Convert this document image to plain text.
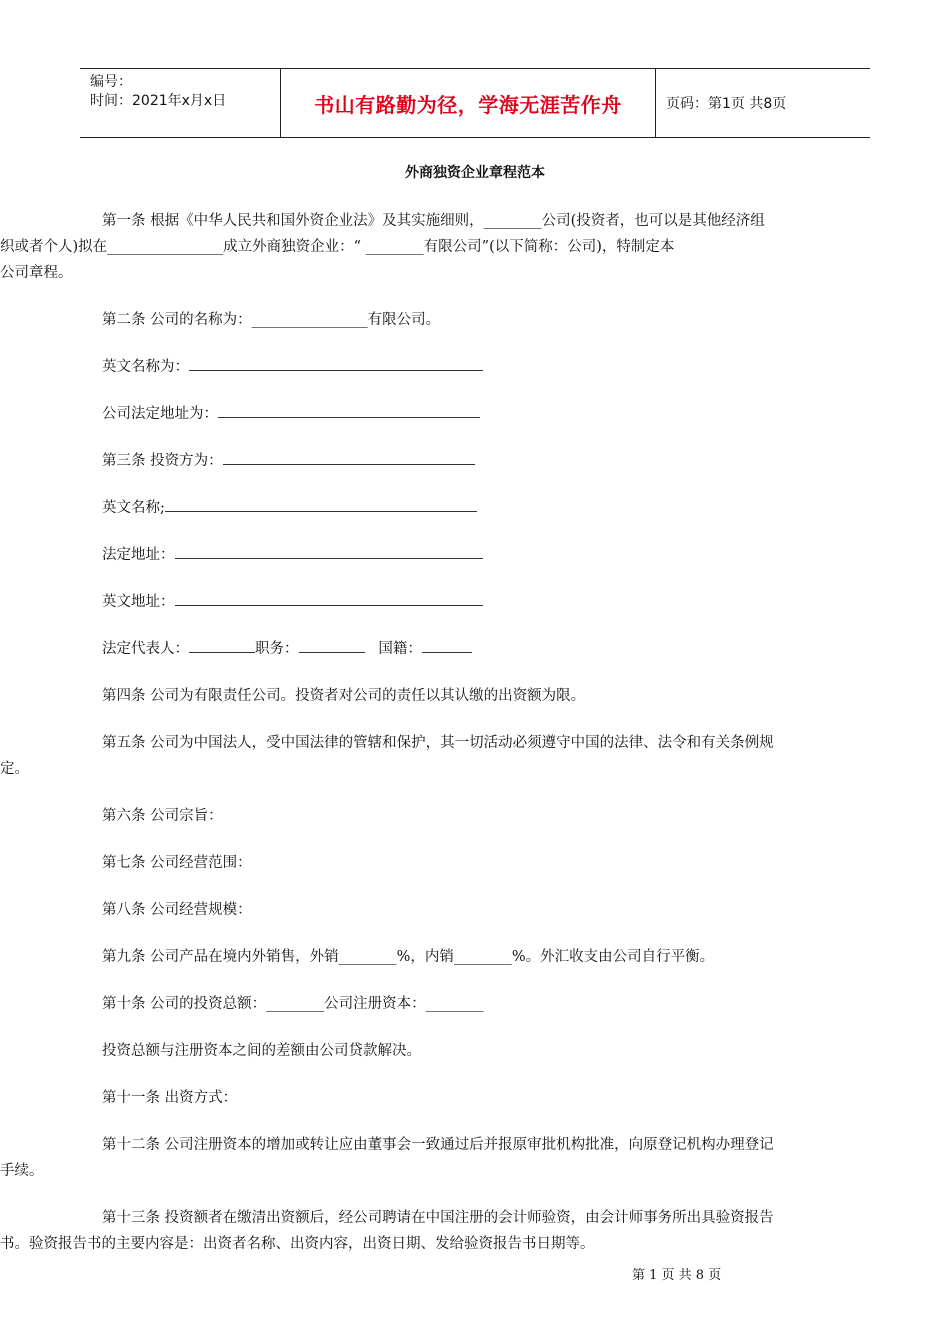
编号：
时间：2021年x月x日	书山有路勤为径，学海无涯苦作舟	页码：第1页 共8页
外商独资企业章程范本

第一条 根据《中华人民共和国外资企业法》及其实施细则，________公司(投资者，也可以是其他经济组

织或者个人)拟在________________成立外商独资企业：“ ________有限公司”(以下简称：公司)，特制定本

公司章程。

第二条 公司的名称为：________________有限公司。

英文名称为：
公司法定地址为：
第三条 投资方为：
英文名称;
法定地址：
英文地址：
法定代表人：	职务：	国籍：

第四条 公司为有限责任公司。投资者对公司的责任以其认缴的出资额为限。

第五条 公司为中国法人，受中国法律的管辖和保护，其一切活动必须遵守中国的法律、法令和有关条例规

定。

第六条 公司宗旨：

第七条 公司经营范围：

第八条 公司经营规模：

第九条 公司产品在境内外销售，外销________%，内销________%。外汇收支由公司自行平衡。

第十条 公司的投资总额：________公司注册资本：________

投资总额与注册资本之间的差额由公司贷款解决。

第十一条 出资方式：

第十二条 公司注册资本的增加或转让应由董事会一致通过后并报原审批机构批准，向原登记机构办理登记

手续。

第十三条 投资额者在缴清出资额后，经公司聘请在中国注册的会计师验资，由会计师事务所出具验资报告

书。验资报告书的主要内容是：出资者名称、出资内容，出资日期、发给验资报告书日期等。

第 1 页 共 8 页
